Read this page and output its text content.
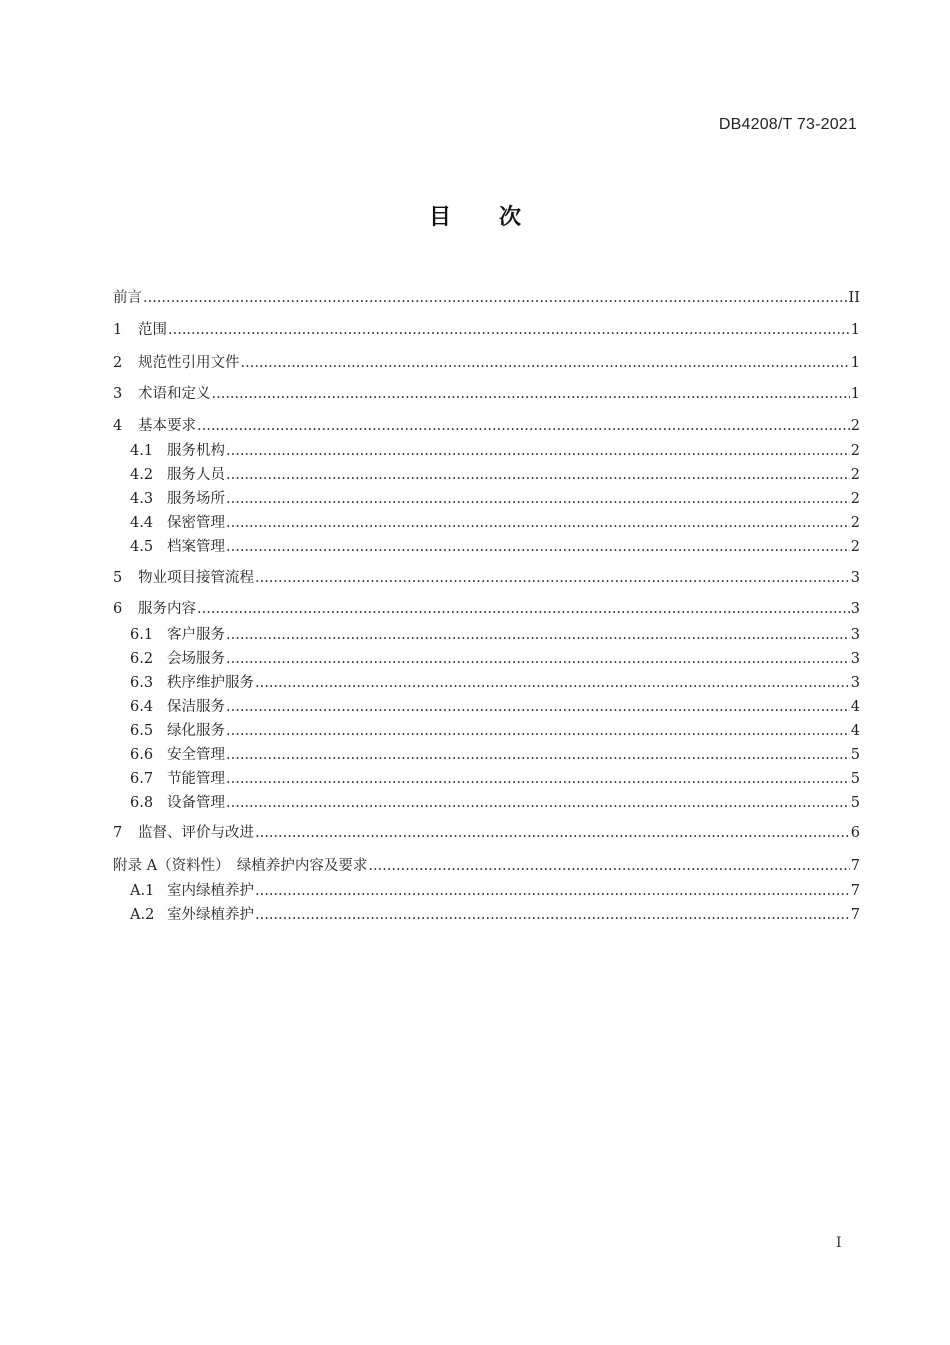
DB4208/T 73-2021
目次
前言 .....	II
1	范围 .....	1
2	规范性引用文件 .....	1
3	术语和定义 .....	1
4	基本要求 .....	2
4.1 服务机构 .....	2
4.2 服务人员 .....	2
4.3 服务场所 .....	2
4.4 保密管理 .....	2
4.5 档案管理 .....	2
5	物业项目接管流程 .....	3
6	服务内容 .....	3
6.1 客户服务 .....	3
6.2 会场服务 .....	3
6.3 秩序维护服务 .....	3
6.4 保洁服务 .....	4
6.5 绿化服务 .....	4
6.6 安全管理 .....	5
6.7 节能管理 .....	5
6.8 设备管理 .....	5
7	监督、评价与改进 .....	6
附录 A（资料性）　绿植养护内容及要求 .....	7
A.1 室内绿植养护 .....	7
A.2 室外绿植养护 .....	7
I
